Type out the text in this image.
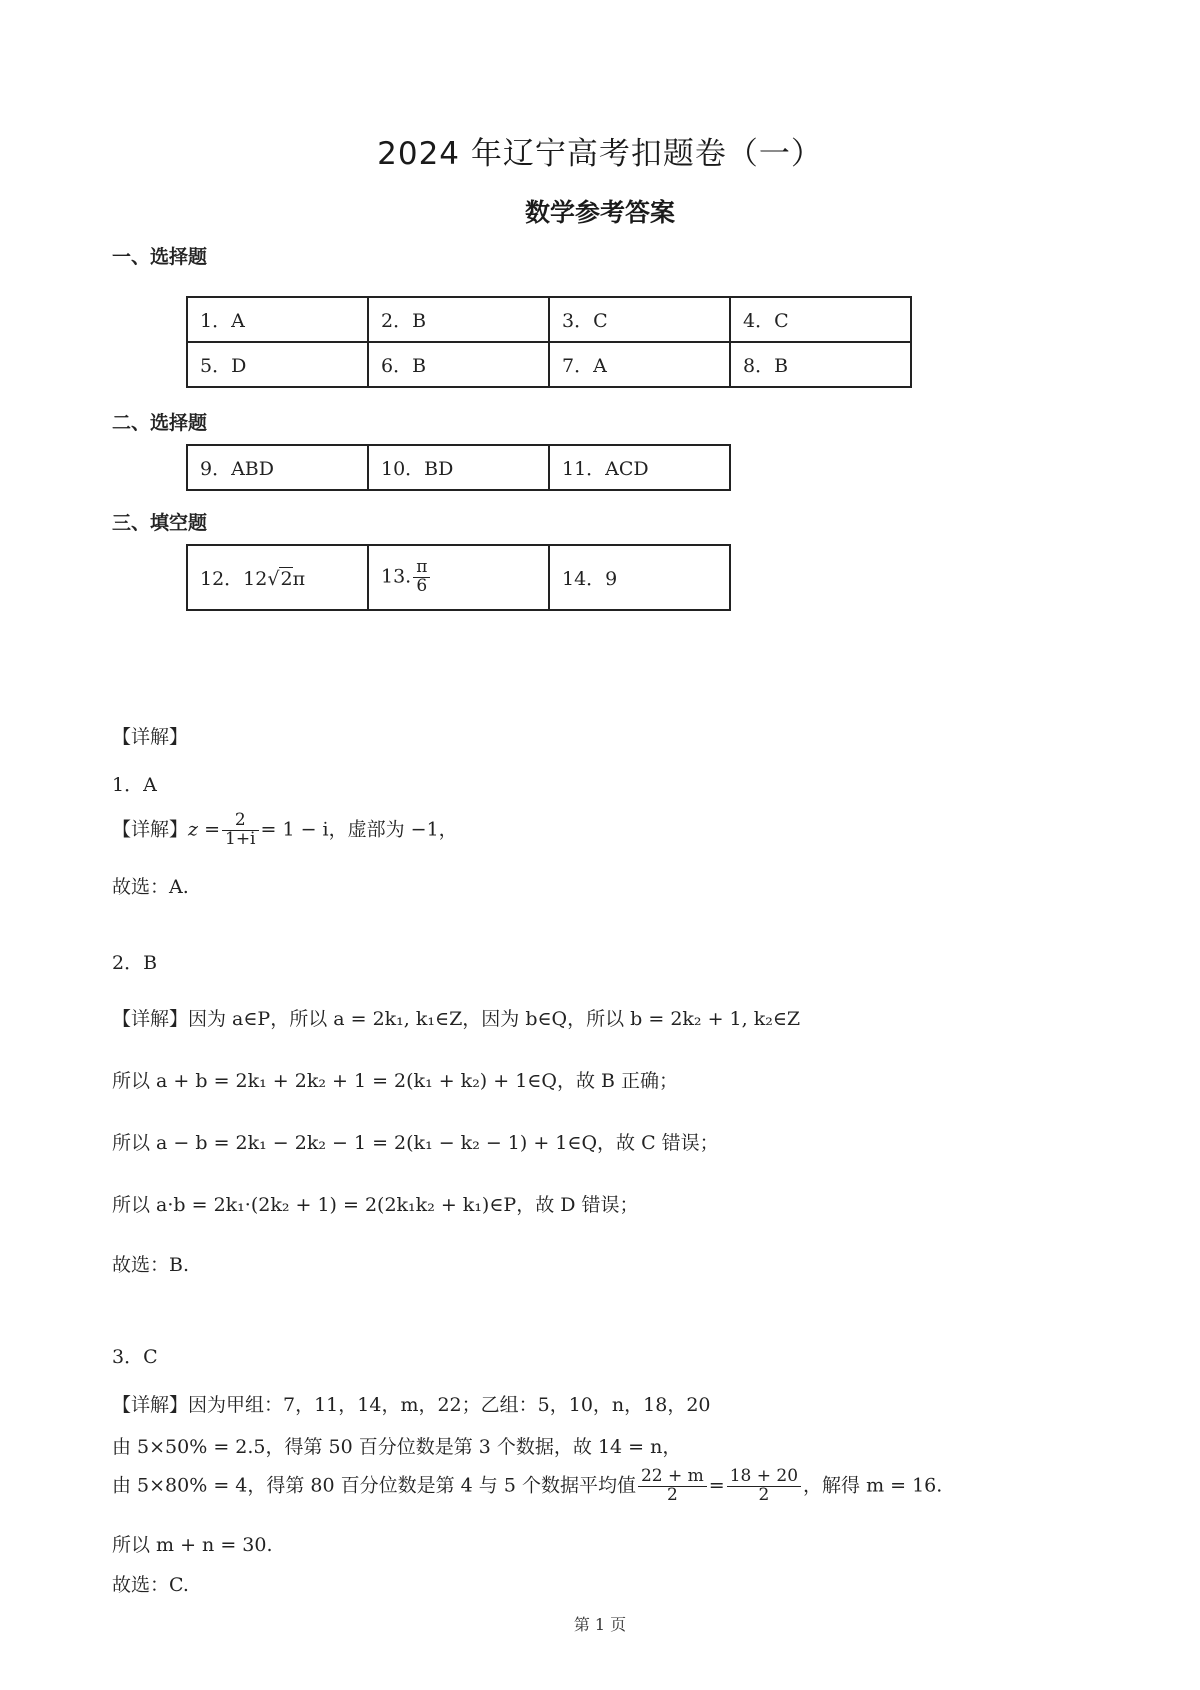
2024 年辽宁高考扣题卷（一）
数学参考答案
一、选择题
1．A	2．B	3．C	4．C
5．D	6．B	7．A	8．B
二、选择题
9．ABD	10．BD	11．ACD
三、填空题
12．12√2π	13. $\frac{\pi}{6}$	14．9
【详解】
1．A
【详解】$z = \frac{2}{1+i} = 1 - i$，虚部为 −1，
故选：A.
2．B
【详解】因为 a∈P，所以 a = 2k₁, k₁∈Z，因为 b∈Q，所以 b = 2k₂ + 1, k₂∈Z
所以 a + b = 2k₁ + 2k₂ + 1 = 2(k₁ + k₂) + 1∈Q，故 B 正确；
所以 a − b = 2k₁ − 2k₂ − 1 = 2(k₁ − k₂ − 1) + 1∈Q，故 C 错误；
所以 a·b = 2k₁·(2k₂ + 1) = 2(2k₁k₂ + k₁)∈P，故 D 错误；
故选：B.
3．C
【详解】因为甲组：7，11，14，m，22；乙组：5，10，n，18，20
由 5×50% = 2.5，得第 50 百分位数是第 3 个数据，故 14 = n，
由 5×80% = 4，得第 80 百分位数是第 4 与 5 个数据平均值 $\frac{22 + m}{2} = \frac{18 + 20}{2}$ ，解得 m = 16.
所以 m + n = 30.
故选：C.
第 1 页
